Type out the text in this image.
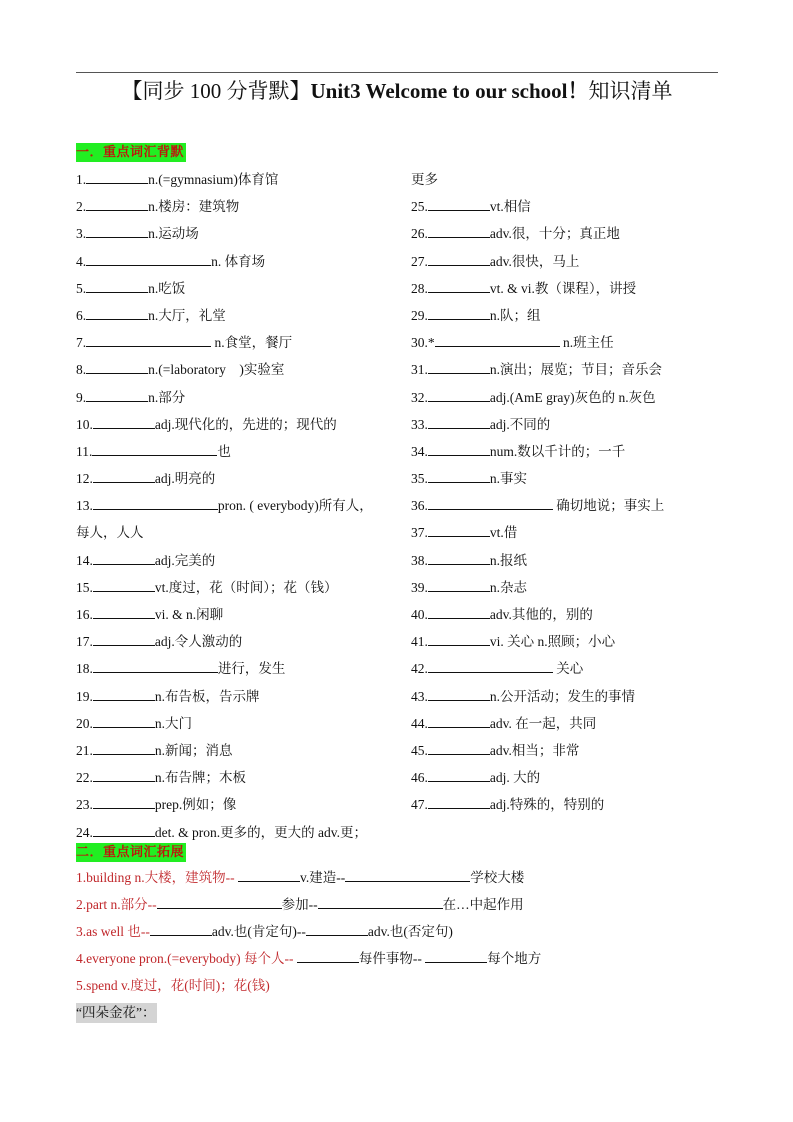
【同步 100 分背默】Unit3 Welcome to our school！知识清单
一．重点词汇背默
1.	n.(=gymnasium)体育馆
2.	n.楼房：建筑物
3.	n.运动场
4.	n. 体育场
5.	n.吃饭
6.	n.大厅，礼堂
7.	n.食堂，餐厅
8.	n.(=laboratory　)实验室
9.	n.部分
10.	adj.现代化的，先进的；现代的
11.	也
12.	adj.明亮的
13.	pron. ( everybody)所有人，
每人，人人
14.	adj.完美的
15.	vt.度过，花（时间）；花（钱）
16.	vi. & n.闲聊
17.	adj.令人激动的
18.	进行，发生
19.	n.布告板，告示牌
20.	n.大门
21.	n.新闻；消息
22.	n.布告牌；木板
23.	prep.例如；像
24.	det. & pron.更多的，更大的 adv.更；
更多
25.	vt.相信
26.	adv.很，十分；真正地
27.	adv.很快，马上
28.	vt. & vi.教（课程），讲授
29.	n.队；组
30.*	n.班主任
31.	n.演出；展览；节目；音乐会
32.	adj.(AmE gray)灰色的 n.灰色
33.	adj.不同的
34.	num.数以千计的；一千
35.	n.事实
36.	确切地说；事实上
37.	vt.借
38.	n.报纸
39.	n.杂志
40.	adv.其他的，别的
41.	vi. 关心 n.照顾；小心
42.	关心
43.	n.公开活动；发生的事情
44.	adv. 在一起，共同
45.	adv.相当；非常
46.	adj. 大的
47.	adj.特殊的，特别的
二．重点词汇拓展
1.building n.大楼，建筑物--	v.建造--	学校大楼
2.part n.部分--	参加--	在…中起作用
3.as well 也--	adv.也(肯定句)--	adv.也(否定句)
4.everyone pron.(=everybody) 每个人--	每件事物--	每个地方
5.spend v.度过，花(时间)；花(钱)
“四朵金花”：
